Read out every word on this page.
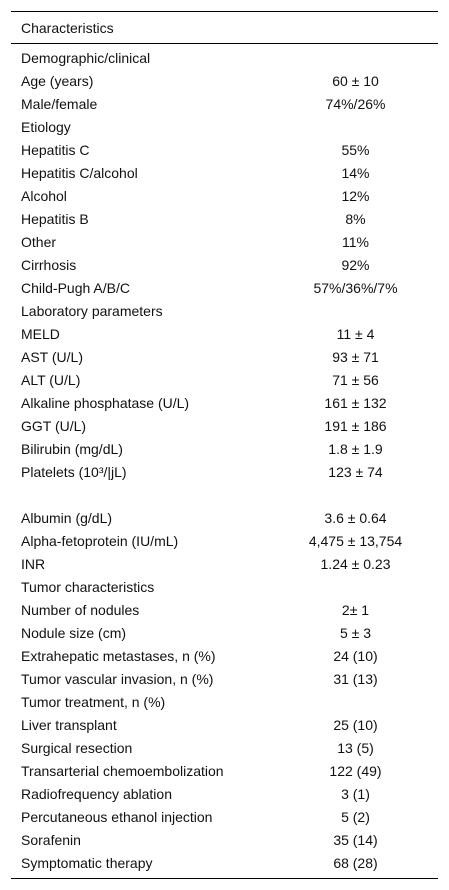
Characteristics
Demographic/clinical
Age (years)	60 ± 10
Male/female	74%/26%
Etiology
Hepatitis C	55%
Hepatitis C/alcohol	14%
Alcohol	12%
Hepatitis B	8%
Other	11%
Cirrhosis	92%
Child-Pugh A/B/C	57%/36%/7%
Laboratory parameters
MELD	11 ± 4
AST (U/L)	93 ± 71
ALT (U/L)	71 ± 56
Alkaline phosphatase (U/L)	161 ± 132
GGT (U/L)	191 ± 186
Bilirubin (mg/dL)	1.8 ± 1.9
Platelets (10³/|jL)	123 ± 74
Albumin (g/dL)	3.6 ± 0.64
Alpha-fetoprotein (IU/mL)	4,475 ± 13,754
INR	1.24 ± 0.23
Tumor characteristics
Number of nodules	2± 1
Nodule size (cm)	5 ± 3
Extrahepatic metastases, n (%)	24 (10)
Tumor vascular invasion, n (%)	31 (13)
Tumor treatment, n (%)
Liver transplant	25 (10)
Surgical resection	13 (5)
Transarterial chemoembolization	122 (49)
Radiofrequency ablation	3 (1)
Percutaneous ethanol injection	5 (2)
Sorafenin	35 (14)
Symptomatic therapy	68 (28)
